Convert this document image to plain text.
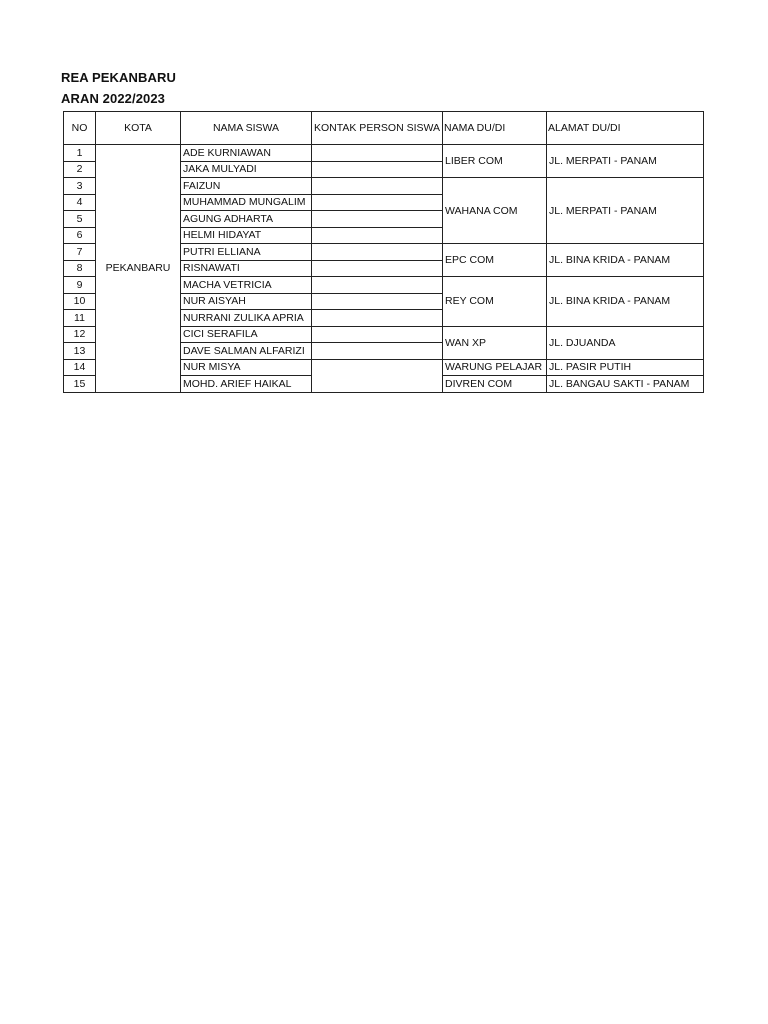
REA PEKANBARU
ARAN 2022/2023
NO	KOTA	NAMA SISWA	KONTAK PERSON SISWA	NAMA DU/DI	ALAMAT DU/DI
1	PEKANBARU	ADE KURNIAWAN		LIBER COM	JL. MERPATI - PANAM
2		JAKA MULYADI			
3		FAIZUN		WAHANA COM	JL. MERPATI - PANAM
4		MUHAMMAD MUNGALIM			
5		AGUNG ADHARTA			
6		HELMI HIDAYAT			
7		PUTRI ELLIANA		EPC COM	JL. BINA KRIDA - PANAM
8		RISNAWATI			
9		MACHA VETRICIA		REY COM	JL. BINA KRIDA - PANAM
10		NUR AISYAH			
11		NURRANI ZULIKA APRIA			
12		CICI SERAFILA		WAN XP	JL. DJUANDA
13		DAVE SALMAN ALFARIZI			
14		NUR MISYA		WARUNG PELAJAR	JL. PASIR PUTIH
15		MOHD. ARIEF HAIKAL		DIVREN COM	JL. BANGAU SAKTI - PANAM
